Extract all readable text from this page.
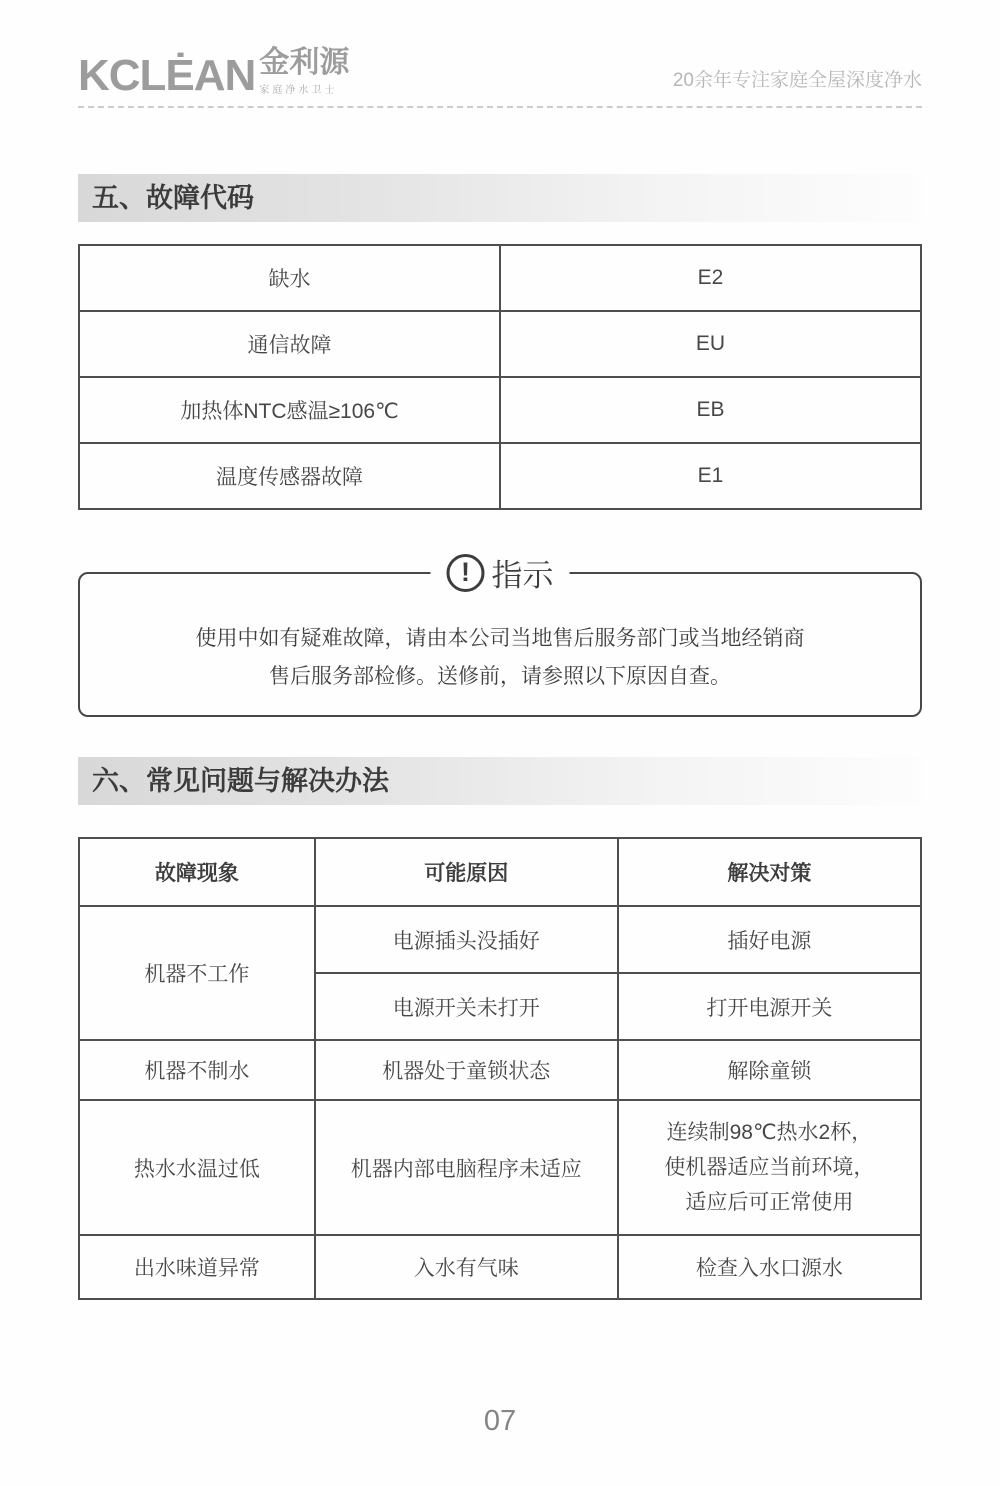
KCLĖAN 金利源
家庭净水卫士	20余年专注家庭全屋深度净水
五、故障代码
缺水	E2
通信故障	EU
加热体NTC感温≥106℃	EB
温度传感器故障	E1
! 指示
使用中如有疑难故障，请由本公司当地售后服务部门或当地经销商
售后服务部检修。送修前，请参照以下原因自查。
六、常见问题与解决办法
故障现象	可能原因	解决对策
机器不工作	电源插头没插好	插好电源
	电源开关未打开	打开电源开关
机器不制水	机器处于童锁状态	解除童锁
热水水温过低	机器内部电脑程序未适应	连续制98℃热水2杯，
使机器适应当前环境，
适应后可正常使用

出水味道异常	入水有气味	检查入水口源水
07
